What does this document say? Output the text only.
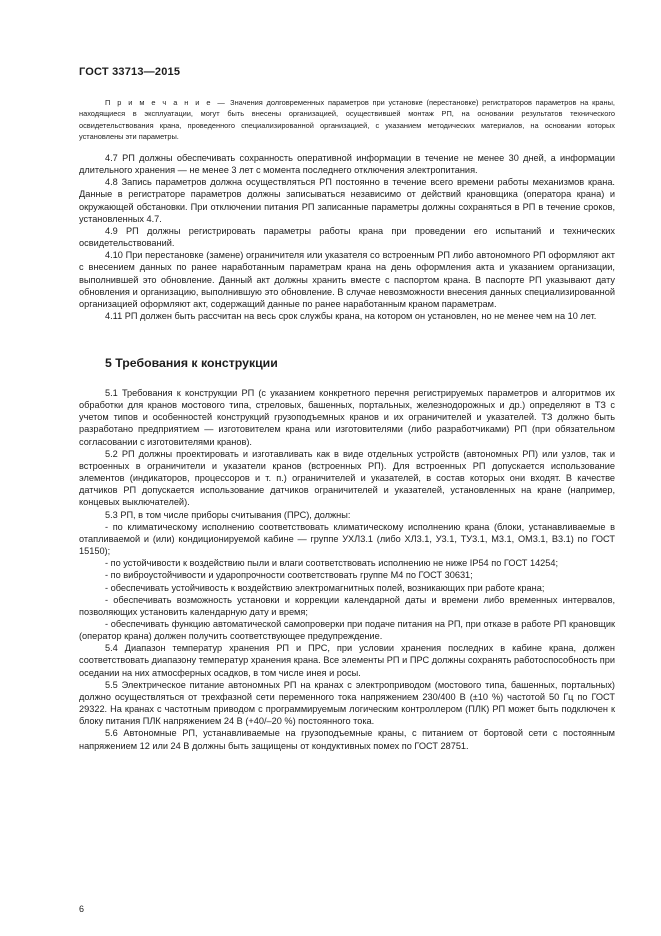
ГОСТ 33713—2015
П р и м е ч а н и е — Значения долговременных параметров при установке (перестановке) регистраторов параметров на краны, находящиеся в эксплуатации, могут быть внесены организацией, осуществившей монтаж РП, на основании результатов технического освидетельствования крана, проведенного специализированной организацией, с указанием методических материалов, на основании которых установлены эти параметры.

4.7 РП должны обеспечивать сохранность оперативной информации в течение не менее 30 дней, а информации длительного хранения — не менее 3 лет с момента последнего отключения электропитания.

4.8 Запись параметров должна осуществляться РП постоянно в течение всего времени работы механизмов крана. Данные в регистраторе параметров должны записываться независимо от действий крановщика (оператора крана) и окружающей обстановки. При отключении питания РП записанные параметры должны сохраняться в РП в течение сроков, установленных 4.7.

4.9 РП должны регистрировать параметры работы крана при проведении его испытаний и технических освидетельствований.

4.10 При перестановке (замене) ограничителя или указателя со встроенным РП либо автономного РП оформляют акт с внесением данных по ранее наработанным параметрам крана на день оформления акта и указанием организации, выполнившей это обновление. Данный акт должны хранить вместе с паспортом крана. В паспорте РП указывают дату обновления и организацию, выполнившую это обновление. В случае невозможности внесения данных специализированной организацией оформляют акт, содержащий данные по ранее наработанным краном параметрам.

4.11 РП должен быть рассчитан на весь срок службы крана, на котором он установлен, но не менее чем на 10 лет.

5 Требования к конструкции

5.1 Требования к конструкции РП (с указанием конкретного перечня регистрируемых параметров и алгоритмов их обработки для кранов мостового типа, стреловых, башенных, портальных, железнодорожных и др.) определяют в ТЗ с учетом типов и особенностей конструкций грузоподъемных кранов и их ограничителей и указателей. ТЗ должно быть разработано предприятием — изготовителем крана или изготовителями (либо разработчиками) РП (при обязательном согласовании с изготовителями кранов).

5.2 РП должны проектировать и изготавливать как в виде отдельных устройств (автономных РП) или узлов, так и встроенных в ограничители и указатели кранов (встроенных РП). Для встроенных РП допускается использование элементов (индикаторов, процессоров и т. п.) ограничителей и указателей, в состав которых они входят. В качестве датчиков РП допускается использование датчиков ограничителей и указателей, установленных на кране (например, концевых выключателей).

5.3 РП, в том числе приборы считывания (ПРС), должны:

- по климатическому исполнению соответствовать климатическому исполнению крана (блоки, устанавливаемые в отапливаемой и (или) кондиционируемой кабине — группе УХЛ3.1 (либо ХЛ3.1, У3.1, ТУ3.1, М3.1, ОМ3.1, В3.1) по ГОСТ 15150);

- по устойчивости к воздействию пыли и влаги соответствовать исполнению не ниже IP54 по ГОСТ 14254;

- по виброустойчивости и ударопрочности соответствовать группе М4 по ГОСТ 30631;

- обеспечивать устойчивость к воздействию электромагнитных полей, возникающих при работе крана;

- обеспечивать возможность установки и коррекции календарной даты и времени либо временных интервалов, позволяющих установить календарную дату и время;

- обеспечивать функцию автоматической самопроверки при подаче питания на РП, при отказе в работе РП крановщик (оператор крана) должен получить соответствующее предупреждение.

5.4 Диапазон температур хранения РП и ПРС, при условии хранения последних в кабине крана, должен соответствовать диапазону температур хранения крана. Все элементы РП и ПРС должны сохранять работоспособность при оседании на них атмосферных осадков, в том числе инея и росы.

5.5 Электрическое питание автономных РП на кранах с электроприводом (мостового типа, башенных, портальных) должно осуществляться от трехфазной сети переменного тока напряжением 230/400 В (±10 %) частотой 50 Гц по ГОСТ 29322. На кранах с частотным приводом с программируемым логическим контроллером (ПЛК) РП может быть подключен к блоку питания ПЛК напряжением 24 В (+40/–20 %) постоянного тока.

5.6 Автономные РП, устанавливаемые на грузоподъемные краны, с питанием от бортовой сети с постоянным напряжением 12 или 24 В должны быть защищены от кондуктивных помех по ГОСТ 28751.

6
